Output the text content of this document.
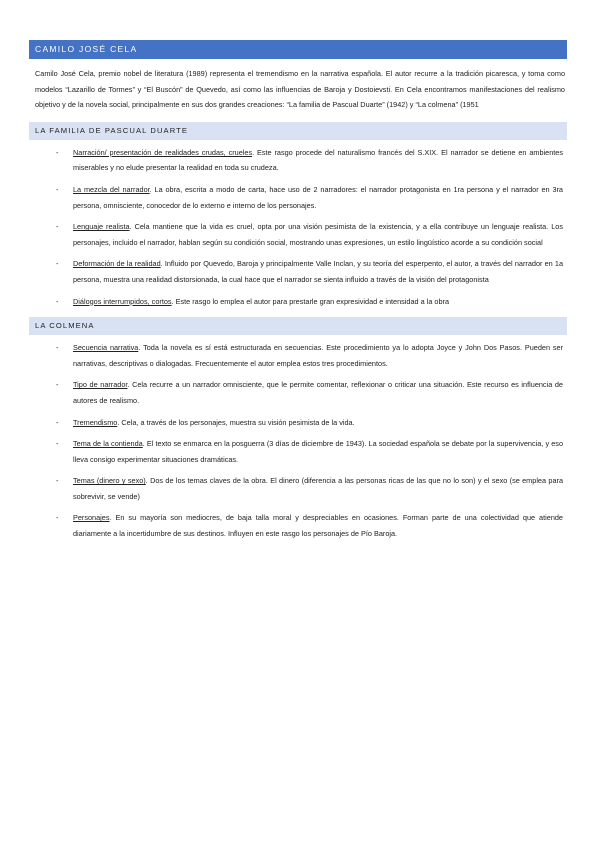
CAMILO JOSÉ CELA

Camilo José Cela, premio nobel de literatura (1989) representa el tremendismo en la narrativa española. El autor recurre a la tradición picaresca, y toma como modelos “Lazarillo de Tormes” y “El Buscón” de Quevedo, así como las influencias de Baroja y Dostoievsti. En Cela encontramos manifestaciones del realismo objetivo y de la novela social, principalmente en sus dos grandes creaciones: “La familia de Pascual Duarte” (1942) y “La colmena” (1951

LA FAMILIA DE PASCUAL DUARTE
- Narración/ presentación de realidades crudas, crueles. Este rasgo procede del naturalismo francés del S.XIX. El narrador se detiene en ambientes miserables y no elude presentar la realidad en toda su crudeza.
- La mezcla del narrador. La obra, escrita a modo de carta, hace uso de 2 narradores: el narrador protagonista en 1ra persona y el narrador en 3ra persona, omnisciente, conocedor de lo externo e interno de los personajes.
- Lenguaje realista. Cela mantiene que la vida es cruel, opta por una visión pesimista de la existencia, y a ella contribuye un lenguaje realista. Los personajes, incluido el narrador, hablan según su condición social, mostrando unas expresiones, un estilo lingüístico acorde a su condición social
- Deformación de la realidad. Influido por Quevedo, Baroja y principalmente Valle Inclan, y su teoría del esperpento, el autor, a través del narrador en 1a persona, muestra una realidad distorsionada, la cual hace que el narrador se sienta influido a través de la visión del protagonista
- Diálogos interrumpidos, cortos. Este rasgo lo emplea el autor para prestarle gran expresividad e intensidad a la obra
LA COLMENA
- Secuencia narrativa. Toda la novela es sí está estructurada en secuencias. Este procedimiento ya lo adopta Joyce y John Dos Pasos. Pueden ser narrativas, descriptivas o dialogadas. Frecuentemente el autor emplea estos tres procedimientos.
- Tipo de narrador. Cela recurre a un narrador omnisciente, que le permite comentar, reflexionar o criticar una situación. Este recurso es influencia de autores de realismo.
- Tremendismo. Cela, a través de los personajes, muestra su visión pesimista de la vida.
- Tema de la contienda. El texto se enmarca en la posguerra (3 días de diciembre de 1943). La sociedad española se debate por la supervivencia, y eso lleva consigo experimentar situaciones dramáticas.
- Temas (dinero y sexo). Dos de los temas claves de la obra. El dinero (diferencia a las personas ricas de las que no lo son) y el sexo (se emplea para sobrevivir, se vende)
- Personajes. En su mayoría son mediocres, de baja talla moral y despreciables en ocasiones. Forman parte de una colectividad que atiende diariamente a la incertidumbre de sus destinos. Influyen en este rasgo los personajes de Pío Baroja.
